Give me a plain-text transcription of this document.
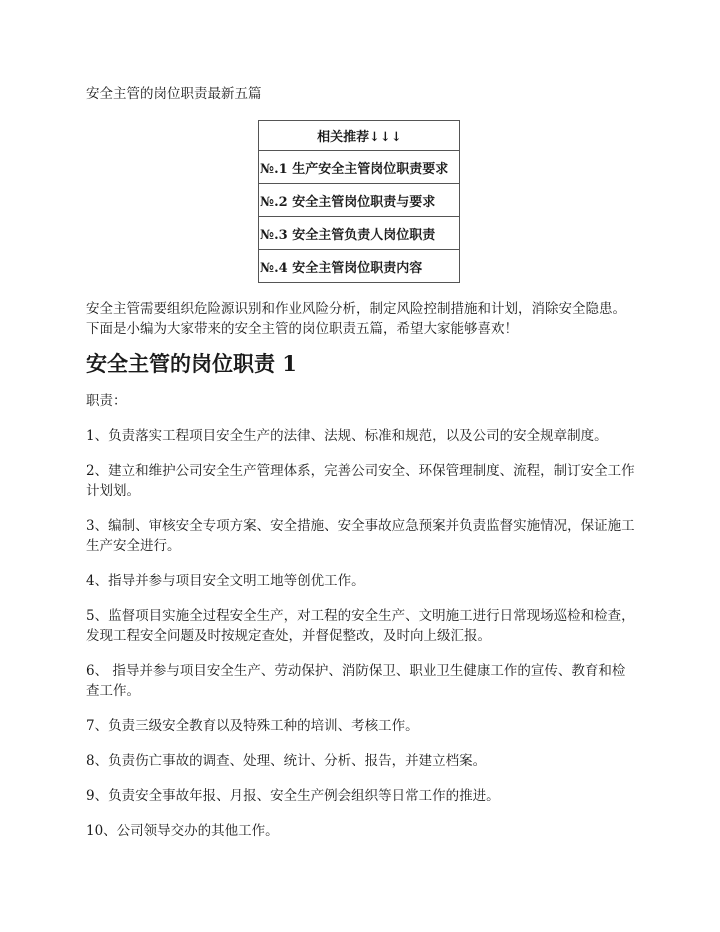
安全主管的岗位职责最新五篇

相关推荐↓↓↓
№.1 生产安全主管岗位职责要求
№.2 安全主管岗位职责与要求
№.3 安全主管负责人岗位职责
№.4 安全主管岗位职责内容

安全主管需要组织危险源识别和作业风险分析，制定风险控制措施和计划，消除安全隐患。下面是小编为大家带来的安全主管的岗位职责五篇，希望大家能够喜欢！

安全主管的岗位职责 1

职责：

1、负责落实工程项目安全生产的法律、法规、标准和规范，以及公司的安全规章制度。

2、建立和维护公司安全生产管理体系，完善公司安全、环保管理制度、流程，制订安全工作计划划。

3、编制、审核安全专项方案、安全措施、安全事故应急预案并负责监督实施情况，保证施工生产安全进行。

4、指导并参与项目安全文明工地等创优工作。

5、监督项目实施全过程安全生产，对工程的安全生产、文明施工进行日常现场巡检和检查，发现工程安全问题及时按规定查处，并督促整改，及时向上级汇报。

6、 指导并参与项目安全生产、劳动保护、消防保卫、职业卫生健康工作的宣传、教育和检查工作。

7、负责三级安全教育以及特殊工种的培训、考核工作。

8、负责伤亡事故的调查、处理、统计、分析、报告，并建立档案。

9、负责安全事故年报、月报、安全生产例会组织等日常工作的推进。

10、公司领导交办的其他工作。
